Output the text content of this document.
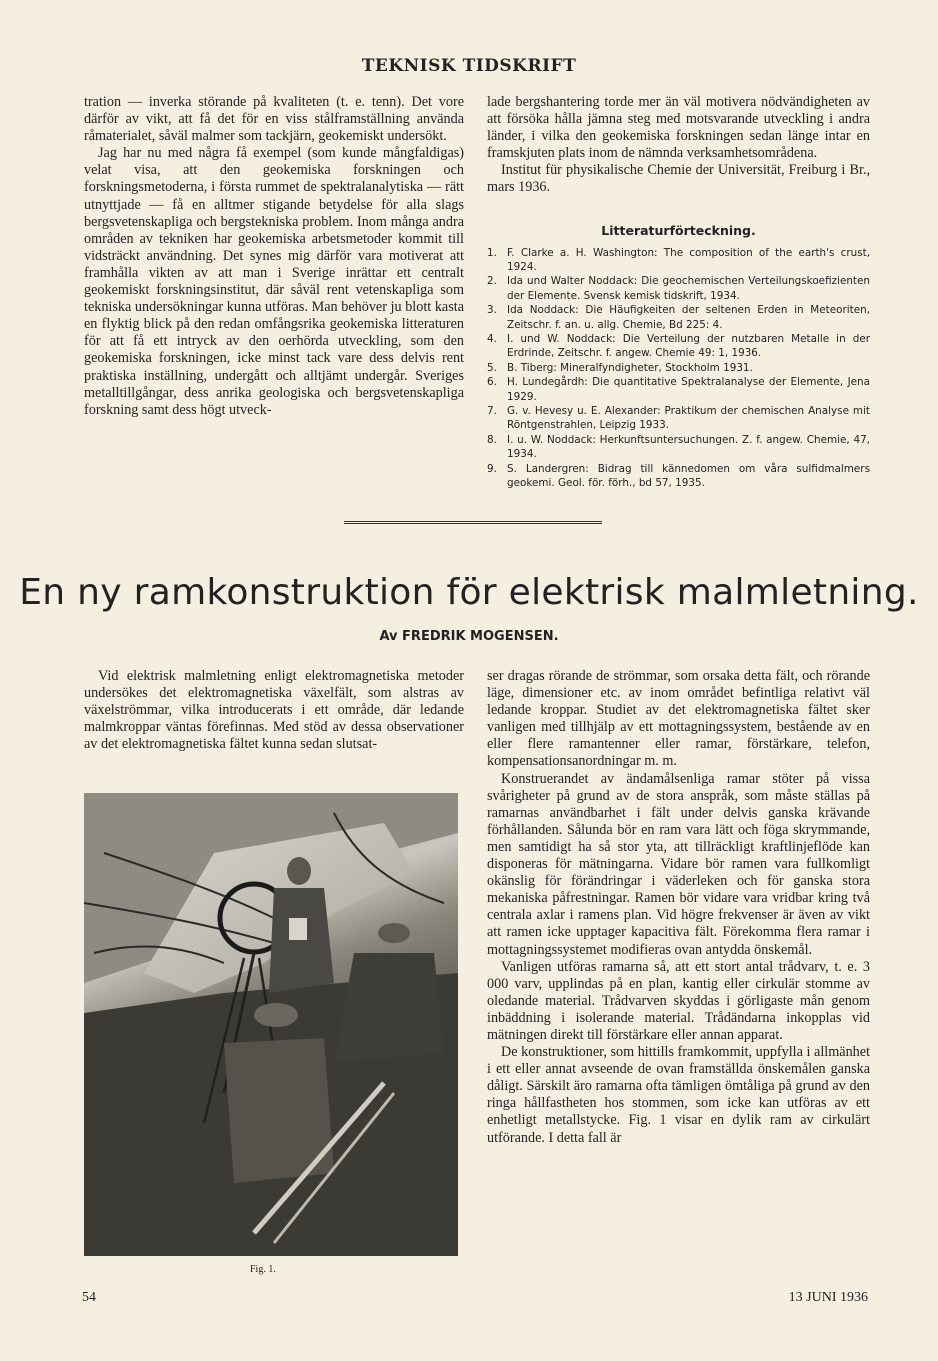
TEKNISK TIDSKRIFT

tration — inverka störande på kvaliteten (t. e. tenn). Det vore därför av vikt, att få det för en viss stålframställning använda råmaterialet, såväl malmer som tackjärn, geokemiskt undersökt.

Jag har nu med några få exempel (som kunde mångfaldigas) velat visa, att den geokemiska forskningen och forskningsmetoderna, i första rummet de spektralanalytiska — rätt utnyttjade — få en alltmer stigande betydelse för alla slags bergsvetenskapliga och bergstekniska problem. Inom många andra områden av tekniken har geokemiska arbetsmetoder kommit till vidsträckt användning. Det synes mig därför vara motiverat att framhålla vikten av att man i Sverige inrättar ett centralt geokemiskt forskningsinstitut, där såväl rent vetenskapliga som tekniska undersökningar kunna utföras. Man behöver ju blott kasta en flyktig blick på den redan omfångsrika geokemiska litteraturen för att få ett intryck av den oerhörda utveckling, som den geokemiska forskningen, icke minst tack vare dess delvis rent praktiska inställning, undergått och alltjämt undergår. Sveriges metalltillgångar, dess anrika geologiska och bergsvetenskapliga forskning samt dess högt utveck-

lade bergshantering torde mer än väl motivera nödvändigheten av att försöka hålla jämna steg med motsvarande utveckling i andra länder, i vilka den geokemiska forskningen sedan länge intar en framskjuten plats inom de nämnda verksamhetsområdena.

Institut für physikalische Chemie der Universität, Freiburg i Br., mars 1936.

Litteraturförteckning.
1. F. Clarke a. H. Washington: The composition of the earth's crust, 1924.
2. Ida und Walter Noddack: Die geochemischen Verteilungskoefizienten der Elemente. Svensk kemisk tidskrift, 1934.
3. Ida Noddack: Die Häufigkeiten der seltenen Erden in Meteoriten, Zeitschr. f. an. u. allg. Chemie, Bd 225: 4.
4. I. und W. Noddack: Die Verteilung der nutzbaren Metalle in der Erdrinde, Zeitschr. f. angew. Chemie 49: 1, 1936.
5. B. Tiberg: Mineralfyndigheter, Stockholm 1931.
6. H. Lundegårdh: Die quantitative Spektralanalyse der Elemente, Jena 1929.
7. G. v. Hevesy u. E. Alexander: Praktikum der chemischen Analyse mit Röntgenstrahlen, Leipzig 1933.
8. I. u. W. Noddack: Herkunftsuntersuchungen. Z. f. angew. Chemie, 47, 1934.
9. S. Landergren: Bidrag till kännedomen om våra sulfidmalmers geokemi. Geol. för. förh., bd 57, 1935.
En ny ramkonstruktion för elektrisk malmletning.
Av FREDRIK MOGENSEN.

Vid elektrisk malmletning enligt elektromagnetiska metoder undersökes det elektromagnetiska växelfält, som alstras av växelströmmar, vilka introducerats i ett område, där ledande malmkroppar väntas förefinnas. Med stöd av dessa observationer av det elektromagnetiska fältet kunna sedan slutsat-

Fig. 1.

ser dragas rörande de strömmar, som orsaka detta fält, och rörande läge, dimensioner etc. av inom området befintliga relativt väl ledande kroppar. Studiet av det elektromagnetiska fältet sker vanligen med tillhjälp av ett mottagningssystem, bestående av en eller flere ramantenner eller ramar, förstärkare, telefon, kompensationsanordningar m. m.

Konstruerandet av ändamålsenliga ramar stöter på vissa svårigheter på grund av de stora anspråk, som måste ställas på ramarnas användbarhet i fält under delvis ganska krävande förhållanden. Sålunda bör en ram vara lätt och föga skrymmande, men samtidigt ha så stor yta, att tillräckligt kraftlinjeflöde kan disponeras för mätningarna. Vidare bör ramen vara fullkomligt okänslig för förändringar i väderleken och för ganska stora mekaniska påfrestningar. Ramen bör vidare vara vridbar kring två centrala axlar i ramens plan. Vid högre frekvenser är även av vikt att ramen icke upptager kapacitiva fält. Förekomma flera ramar i mottagningssystemet modifieras ovan antydda önskemål.

Vanligen utföras ramarna så, att ett stort antal trådvarv, t. e. 3 000 varv, upplindas på en plan, kantig eller cirkulär stomme av oledande material. Trådvarven skyddas i görligaste mån genom inbäddning i isolerande material. Trådändarna inkopplas vid mätningen direkt till förstärkare eller annan apparat.

De konstruktioner, som hittills framkommit, uppfylla i allmänhet i ett eller annat avseende de ovan framställda önskemålen ganska dåligt. Särskilt äro ramarna ofta tämligen ömtåliga på grund av den ringa hållfastheten hos stommen, som icke kan utföras av ett enhetligt metallstycke. Fig. 1 visar en dylik ram av cirkulärt utförande. I detta fall är

54	13 JUNI 1936
